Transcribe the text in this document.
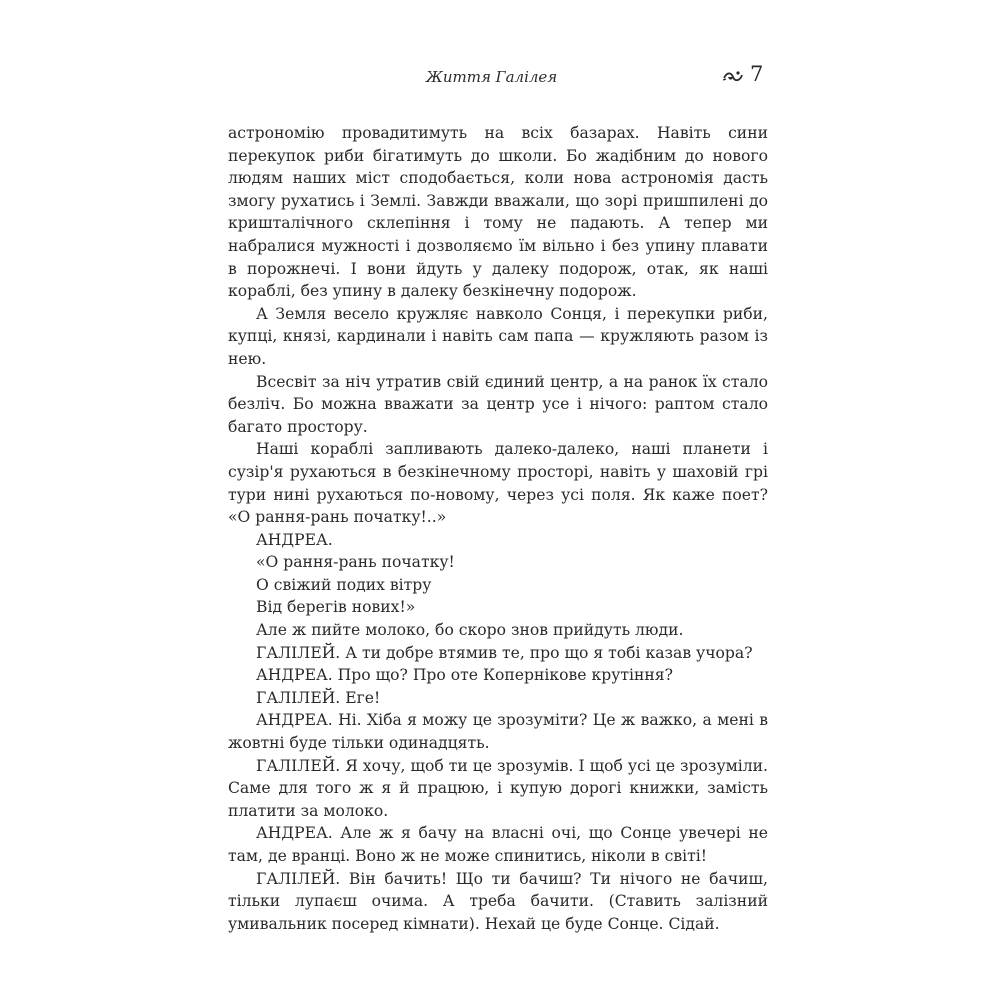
Життя Галілея	7

астрономію провадитимуть на всіх базарах. Навіть сини перекупок риби бігатимуть до школи. Бо жадібним до нового людям наших міст сподобається, коли нова астрономія дасть змогу рухатись і Землі. Завжди вважали, що зорі пришпилені до кришталічного склепіння і тому не падають. А тепер ми набралися мужності і дозволяємо їм вільно і без упину плавати в порожнечі. І вони йдуть у далеку подорож, отак, як наші кораблі, без упину в далеку безкінечну подорож.

А Земля весело кружляє навколо Сонця, і перекупки риби, купці, князі, кардинали і навіть сам папа — кружляють разом із нею.

Всесвіт за ніч утратив свій єдиний центр, а на ранок їх стало безліч. Бо можна вважати за центр усе і нічого: раптом стало багато простору.

Наші кораблі запливають далеко-далеко, наші планети і сузір'я рухаються в безкінечному просторі, навіть у шаховій грі тури нині рухаються по-новому, через усі поля. Як каже поет? «О рання-рань початку!..»

АНДРЕА.

«О рання-рань початку!

О свіжий подих вітру

Від берегів нових!»

Але ж пийте молоко, бо скоро знов прийдуть люди.

ГАЛІЛЕЙ. А ти добре втямив те, про що я тобі казав учора?

АНДРЕА. Про що? Про оте Копернікове крутіння?

ГАЛІЛЕЙ. Еге!

АНДРЕА. Ні. Хіба я можу це зрозуміти? Це ж важко, а мені в жовтні буде тільки одинадцять.

ГАЛІЛЕЙ. Я хочу, щоб ти це зрозумів. І щоб усі це зрозуміли. Саме для того ж я й працюю, і купую дорогі книжки, замість платити за молоко.

АНДРЕА. Але ж я бачу на власні очі, що Сонце увечері не там, де вранці. Воно ж не може спинитись, ніколи в світі!

ГАЛІЛЕЙ. Він бачить! Що ти бачиш? Ти нічого не бачиш, тільки лупаєш очима. А треба бачити. (Ставить залізний умивальник посеред кімнати). Нехай це буде Сонце. Сідай.
